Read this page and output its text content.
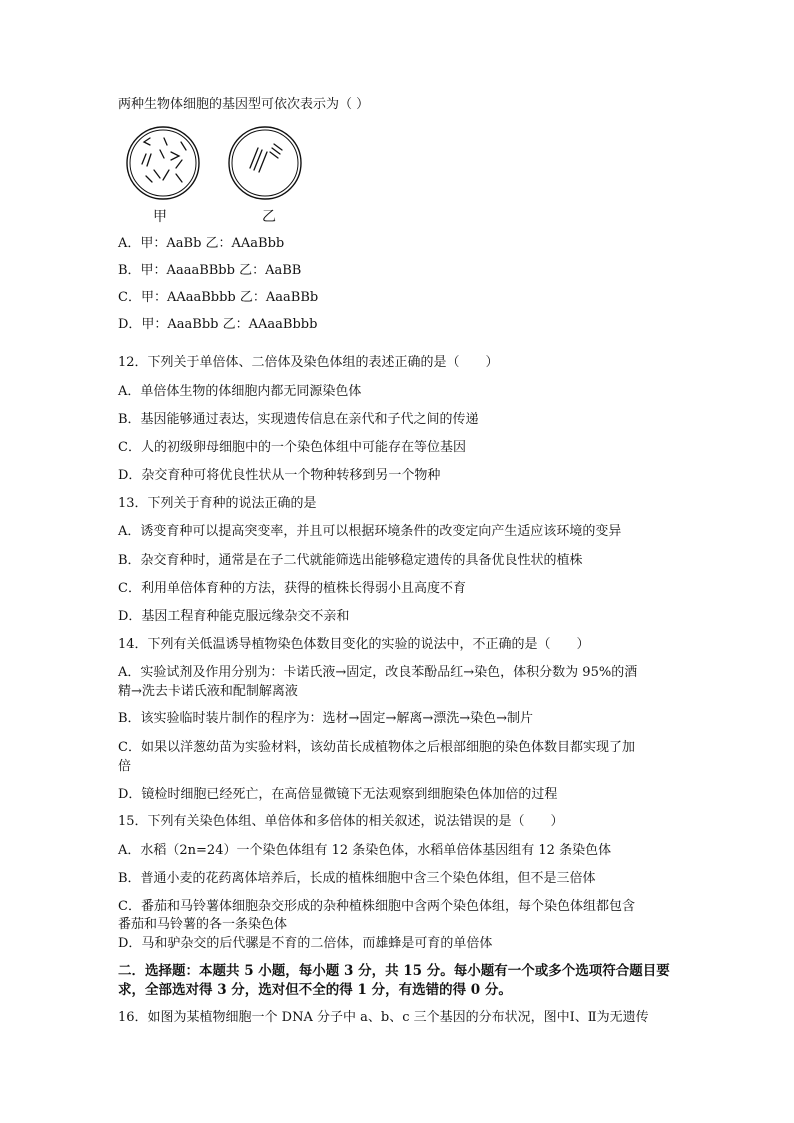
两种生物体细胞的基因型可依次表示为（ ）
甲	乙
A．甲：AaBb 乙：AAaBbb
B．甲：AaaaBBbb 乙：AaBB
C．甲：AAaaBbbb 乙：AaaBBb
D．甲：AaaBbb 乙：AAaaBbbb
12．下列关于单倍体、二倍体及染色体组的表述正确的是（　　）
A．单倍体生物的体细胞内都无同源染色体
B．基因能够通过表达，实现遗传信息在亲代和子代之间的传递
C．人的初级卵母细胞中的一个染色体组中可能存在等位基因
D．杂交育种可将优良性状从一个物种转移到另一个物种
13．下列关于育种的说法正确的是
A．诱变育种可以提高突变率，并且可以根据环境条件的改变定向产生适应该环境的变异
B．杂交育种时，通常是在子二代就能筛选出能够稳定遗传的具备优良性状的植株
C．利用单倍体育种的方法，获得的植株长得弱小且高度不育
D．基因工程育种能克服远缘杂交不亲和
14．下列有关低温诱导植物染色体数目变化的实验的说法中，不正确的是（　　）
A．实验试剂及作用分别为：卡诺氏液→固定，改良苯酚品红→染色，体积分数为 95%的酒
精→洗去卡诺氏液和配制解离液
B．该实验临时装片制作的程序为：选材→固定→解离→漂洗→染色→制片
C．如果以洋葱幼苗为实验材料，该幼苗长成植物体之后根部细胞的染色体数目都实现了加
倍
D．镜检时细胞已经死亡，在高倍显微镜下无法观察到细胞染色体加倍的过程
15．下列有关染色体组、单倍体和多倍体的相关叙述，说法错误的是（　　）
A．水稻（2n=24）一个染色体组有 12 条染色体，水稻单倍体基因组有 12 条染色体
B．普通小麦的花药离体培养后，长成的植株细胞中含三个染色体组，但不是三倍体
C．番茄和马铃薯体细胞杂交形成的杂种植株细胞中含两个染色体组，每个染色体组都包含
番茄和马铃薯的各一条染色体
D．马和驴杂交的后代骡是不育的二倍体，而雄蜂是可育的单倍体
二．选择题：本题共 5 小题，每小题 3 分，共 15 分。每小题有一个或多个选项符合题目要
求，全部选对得 3 分，选对但不全的得 1 分，有选错的得 0 分。
16．如图为某植物细胞一个 DNA 分子中 a、b、c 三个基因的分布状况，图中Ⅰ、Ⅱ为无遗传
